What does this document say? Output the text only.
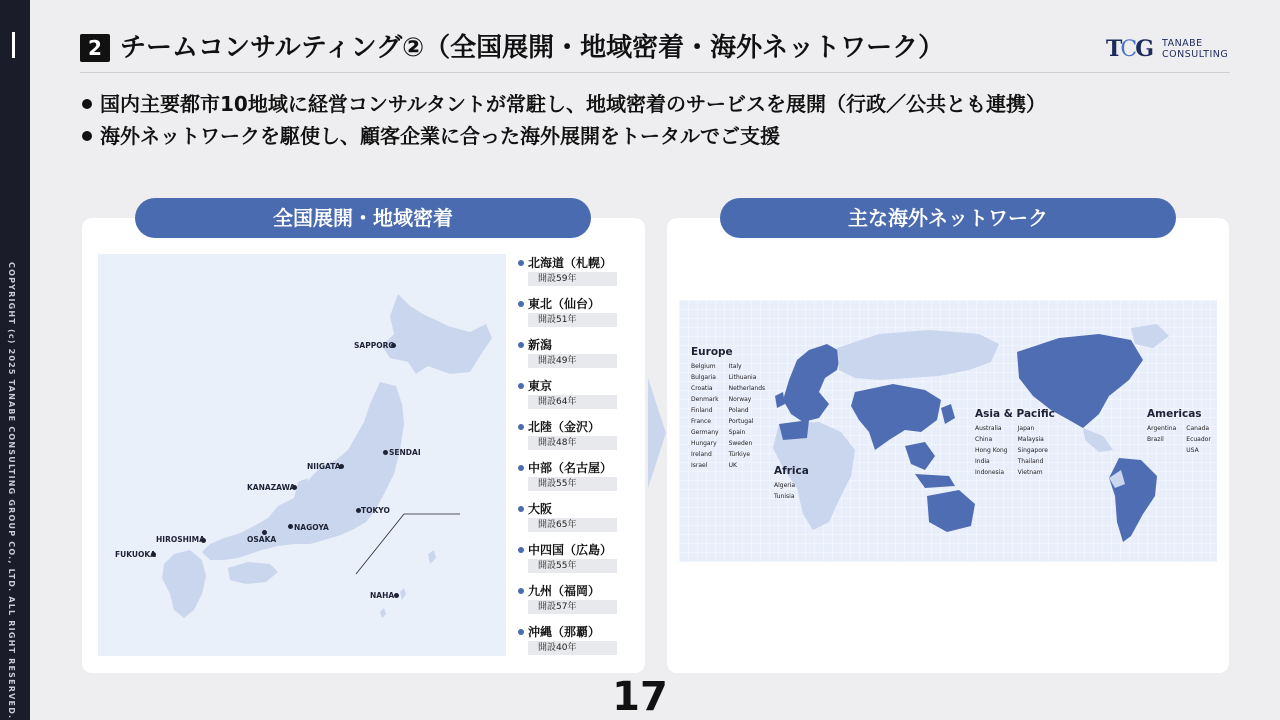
COPYRIGHT (c) 2025 TANABE CONSULTING GROUP CO., LTD. ALL RIGHT RESERVED.
2 チームコンサルティング②（全国展開・地域密着・海外ネットワーク）	TCG TANABE
CONSULTING
国内主要都市10地域に経営コンサルタントが常駐し、地域密着のサービスを展開（行政／公共とも連携）
海外ネットワークを駆使し、顧客企業に合った海外展開をトータルでご支援
全国展開・地域密着	主な海外ネットワーク
SAPPORO
SENDAI
NIIGATA
KANAZAWA
TOKYO
NAGOYA
OSAKA
HIROSHIMA
FUKUOKA
NAHA
北海道（札幌）
開設59年
東北（仙台）
開設51年
新潟
開設49年
東京
開設64年
北陸（金沢）
開設48年
中部（名古屋）
開設55年
大阪
開設65年
中四国（広島）
開設55年
九州（福岡）
開設57年
沖縄（那覇）
開設40年
Europe
Belgium
Bulgaria
Croatia
Denmark
Finland
France
Germany
Hungary
Ireland
Israel
Italy
Lithuania
Netherlands
Norway
Poland
Portugal
Spain
Sweden
Türkiye
UK	Africa
Algeria
Tunisia
Asia & Pacific
Australia
China
Hong Kong
India
Indonesia
Japan
Malaysia
Singapore
Thailand
Vietnam
Americas
Argentina
Brazil
Canada
Ecuador
USA
17
